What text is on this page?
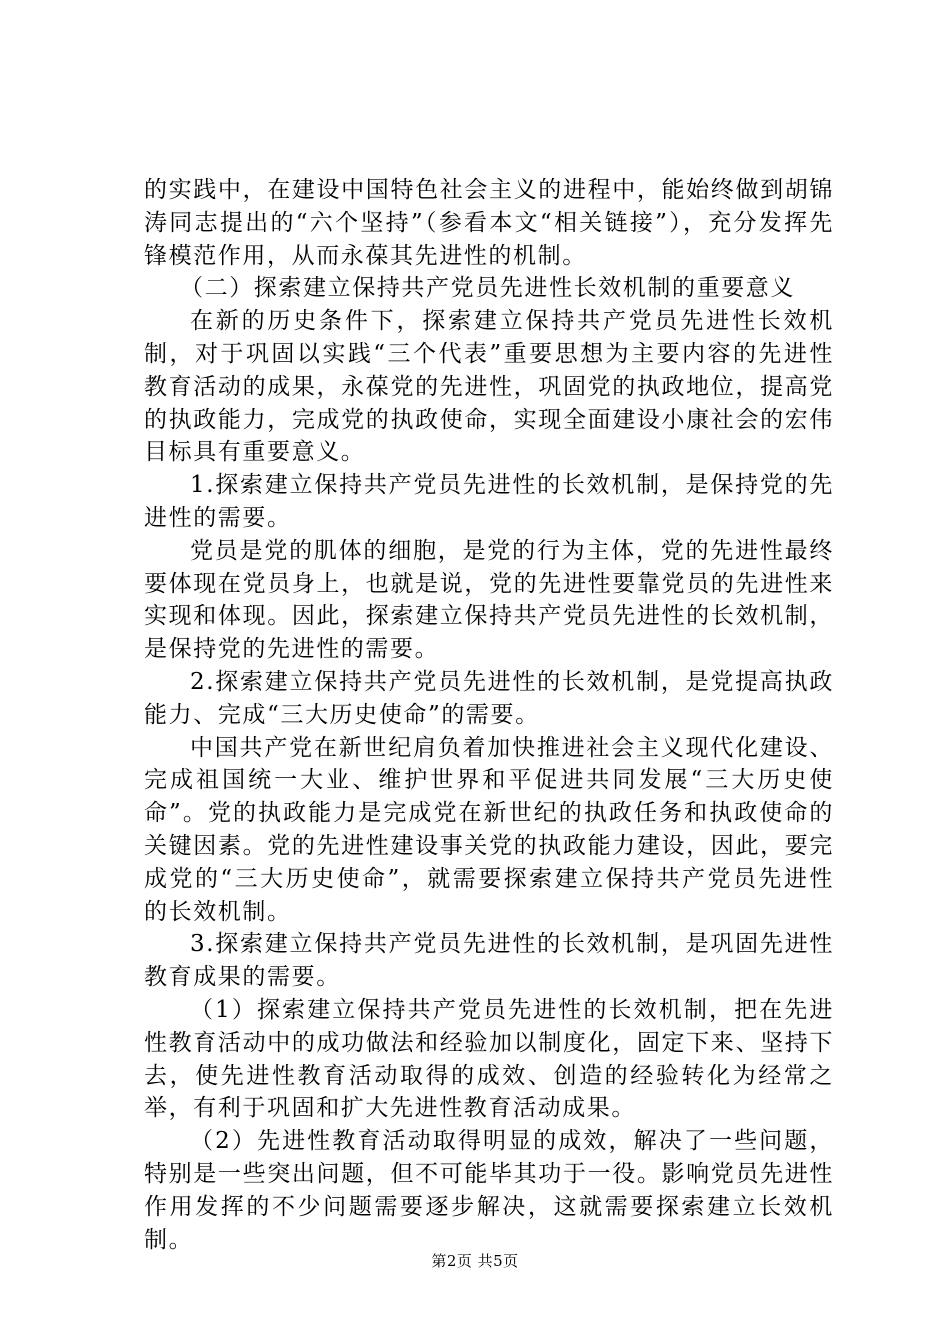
的实践中，在建设中国特色社会主义的进程中，能始终做到胡锦涛同志提出的“六个坚持”（参看本文“相关链接”），充分发挥先锋模范作用，从而永葆其先进性的机制。

（二）探索建立保持共产党员先进性长效机制的重要意义

在新的历史条件下，探索建立保持共产党员先进性长效机制，对于巩固以实践“三个代表”重要思想为主要内容的先进性教育活动的成果，永葆党的先进性，巩固党的执政地位，提高党的执政能力，完成党的执政使命，实现全面建设小康社会的宏伟目标具有重要意义。

1.探索建立保持共产党员先进性的长效机制，是保持党的先进性的需要。

党员是党的肌体的细胞，是党的行为主体，党的先进性最终要体现在党员身上，也就是说，党的先进性要靠党员的先进性来实现和体现。因此，探索建立保持共产党员先进性的长效机制，是保持党的先进性的需要。

2.探索建立保持共产党员先进性的长效机制，是党提高执政能力、完成“三大历史使命”的需要。

中国共产党在新世纪肩负着加快推进社会主义现代化建设、完成祖国统一大业、维护世界和平促进共同发展“三大历史使命”。党的执政能力是完成党在新世纪的执政任务和执政使命的关键因素。党的先进性建设事关党的执政能力建设，因此，要完成党的“三大历史使命”，就需要探索建立保持共产党员先进性的长效机制。

3.探索建立保持共产党员先进性的长效机制，是巩固先进性教育成果的需要。

（1）探索建立保持共产党员先进性的长效机制，把在先进性教育活动中的成功做法和经验加以制度化，固定下来、坚持下去，使先进性教育活动取得的成效、创造的经验转化为经常之举，有利于巩固和扩大先进性教育活动成果。

（2）先进性教育活动取得明显的成效，解决了一些问题，特别是一些突出问题，但不可能毕其功于一役。影响党员先进性作用发挥的不少问题需要逐步解决，这就需要探索建立长效机制。

第2页 共5页
